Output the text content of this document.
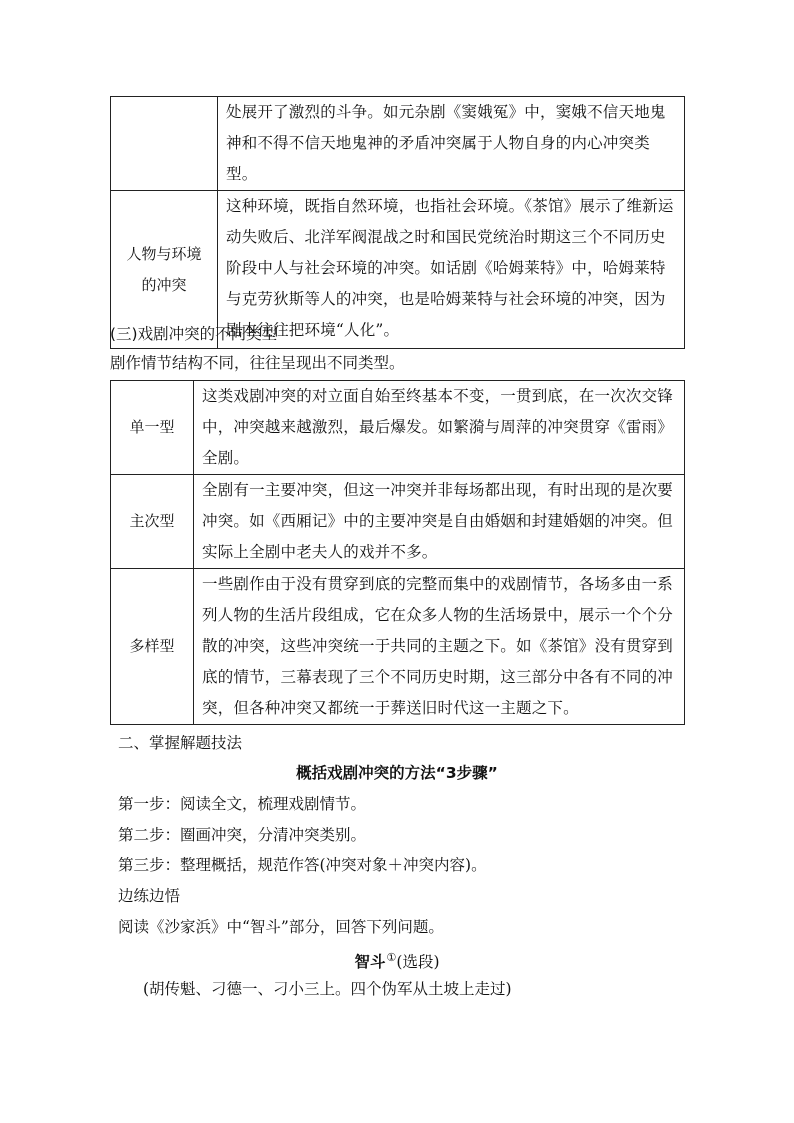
	处展开了激烈的斗争。如元杂剧《窦娥冤》中，窦娥不信天地鬼神和不得不信天地鬼神的矛盾冲突属于人物自身的内心冲突类型。
人物与环境的冲突	这种环境，既指自然环境，也指社会环境。《茶馆》展示了维新运动失败后、北洋军阀混战之时和国民党统治时期这三个不同历史阶段中人与社会环境的冲突。如话剧《哈姆莱特》中，哈姆莱特与克劳狄斯等人的冲突，也是哈姆莱特与社会环境的冲突，因为剧本往往把环境“人化”。
(三)戏剧冲突的不同类型
剧作情节结构不同，往往呈现出不同类型。
单一型	这类戏剧冲突的对立面自始至终基本不变，一贯到底，在一次次交锋中，冲突越来越激烈，最后爆发。如繁漪与周萍的冲突贯穿《雷雨》全剧。
主次型	全剧有一主要冲突，但这一冲突并非每场都出现，有时出现的是次要冲突。如《西厢记》中的主要冲突是自由婚姻和封建婚姻的冲突。但实际上全剧中老夫人的戏并不多。
多样型	一些剧作由于没有贯穿到底的完整而集中的戏剧情节，各场多由一系列人物的生活片段组成，它在众多人物的生活场景中，展示一个个分散的冲突，这些冲突统一于共同的主题之下。如《茶馆》没有贯穿到底的情节，三幕表现了三个不同历史时期，这三部分中各有不同的冲突，但各种冲突又都统一于葬送旧时代这一主题之下。
二、掌握解题技法
概括戏剧冲突的方法“3步骤”
第一步：阅读全文，梳理戏剧情节。
第二步：圈画冲突，分清冲突类别。
第三步：整理概括，规范作答(冲突对象＋冲突内容)。
边练边悟
阅读《沙家浜》中“智斗”部分，回答下列问题。
智斗①(选段)
(胡传魁、刁德一、刁小三上。四个伪军从土坡上走过)
